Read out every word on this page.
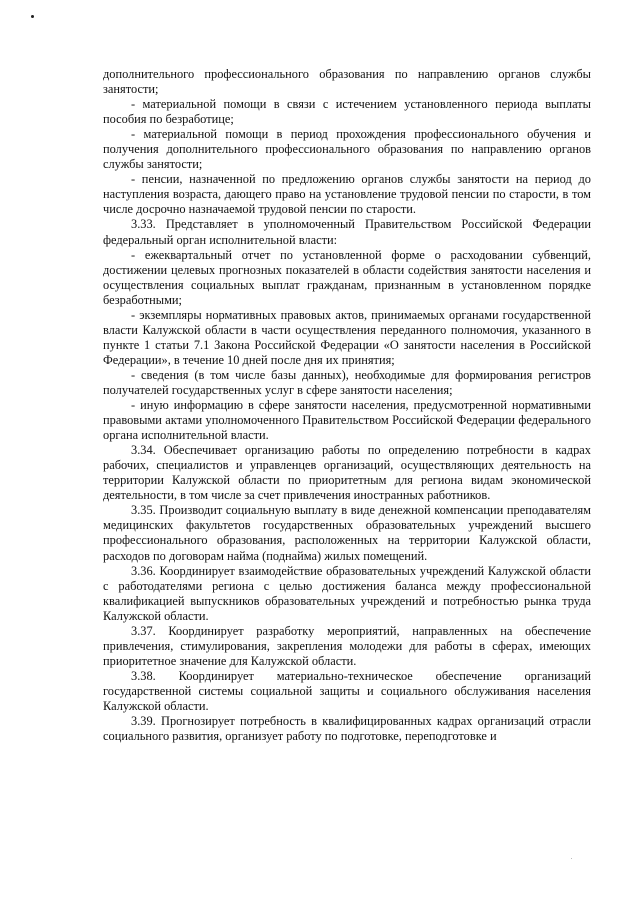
дополнительного профессионального образования по направлению органов службы занятости;

- материальной помощи в связи с истечением установленного периода выплаты пособия по безработице;

- материальной помощи в период прохождения профессионального обучения и получения дополнительного профессионального образования по направлению органов службы занятости;

- пенсии, назначенной по предложению органов службы занятости на период до наступления возраста, дающего право на установление трудовой пенсии по старости, в том числе досрочно назначаемой трудовой пенсии по старости.

3.33. Представляет в уполномоченный Правительством Российской Федерации федеральный орган исполнительной власти:

- ежеквартальный отчет по установленной форме о расходовании субвенций, достижении целевых прогнозных показателей в области содействия занятости населения и осуществления социальных выплат гражданам, признанным в установленном порядке безработными;

- экземпляры нормативных правовых актов, принимаемых органами государственной власти Калужской области в части осуществления переданного полномочия, указанного в пункте 1 статьи 7.1 Закона Российской Федерации «О занятости населения в Российской Федерации», в течение 10 дней после дня их принятия;

- сведения (в том числе базы данных), необходимые для формирования регистров получателей государственных услуг в сфере занятости населения;

- иную информацию в сфере занятости населения, предусмотренной нормативными правовыми актами уполномоченного Правительством Российской Федерации федерального органа исполнительной власти.

3.34. Обеспечивает организацию работы по определению потребности в кадрах рабочих, специалистов и управленцев организаций, осуществляющих деятельность на территории Калужской области по приоритетным для региона видам экономической деятельности, в том числе за счет привлечения иностранных работников.

3.35. Производит социальную выплату в виде денежной компенсации преподавателям медицинских факультетов государственных образовательных учреждений высшего профессионального образования, расположенных на территории Калужской области, расходов по договорам найма (поднайма) жилых помещений.

3.36. Координирует взаимодействие образовательных учреждений Калужской области с работодателями региона с целью достижения баланса между профессиональной квалификацией выпускников образовательных учреждений и потребностью рынка труда Калужской области.

3.37. Координирует разработку мероприятий, направленных на обеспечение привлечения, стимулирования, закрепления молодежи для работы в сферах, имеющих приоритетное значение для Калужской области.

3.38. Координирует материально-техническое обеспечение организаций государственной системы социальной защиты и социального обслуживания населения Калужской области.

3.39. Прогнозирует потребность в квалифицированных кадрах организаций отрасли социального развития, организует работу по подготовке, переподготовке и
